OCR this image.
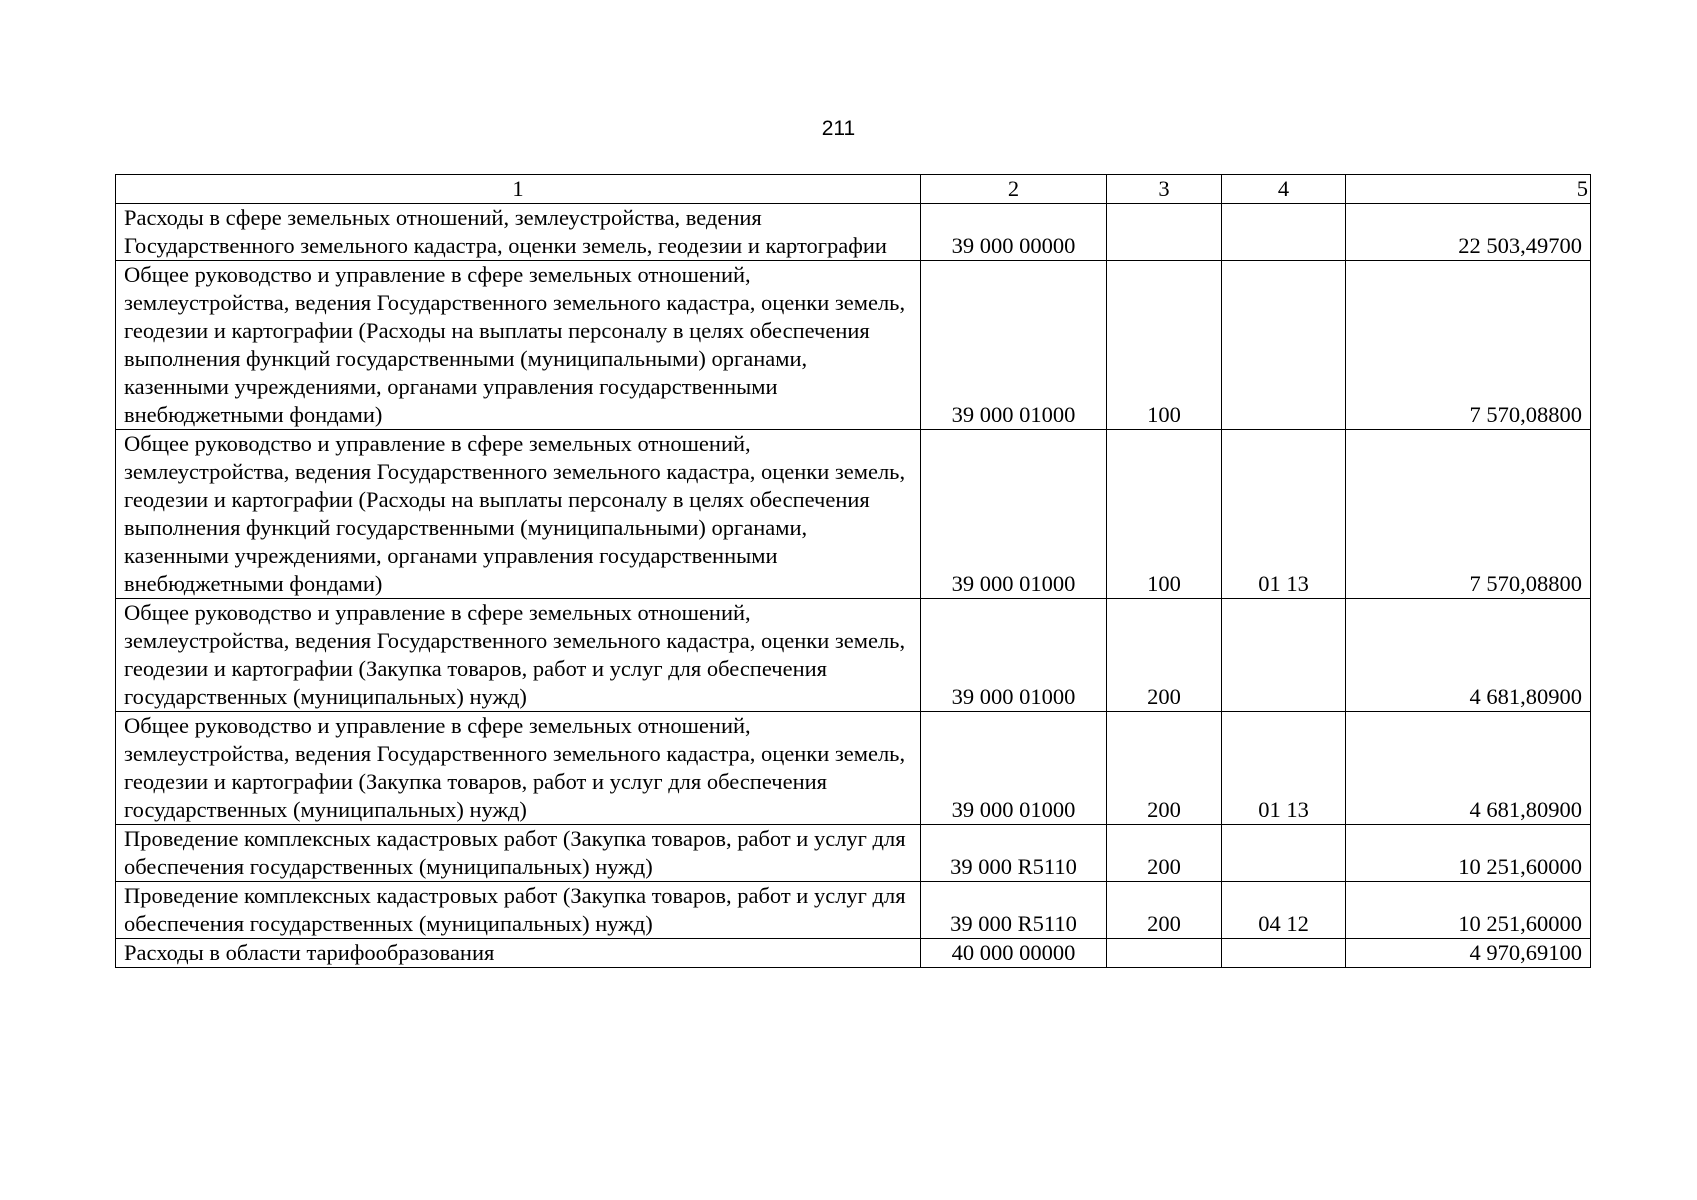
211
1	2	3	4	5
Расходы в сфере земельных отношений, землеустройства, ведения Государственного земельного кадастра, оценки земель, геодезии и картографии	39 000 00000			22 503,49700
Общее руководство и управление в сфере земельных отношений, землеустройства, ведения Государственного земельного кадастра, оценки земель, геодезии и картографии (Расходы на выплаты персоналу в целях обеспечения выполнения функций государственными (муниципальными) органами, казенными учреждениями, органами управления государственными внебюджетными фондами)	39 000 01000	100		7 570,08800
Общее руководство и управление в сфере земельных отношений, землеустройства, ведения Государственного земельного кадастра, оценки земель, геодезии и картографии (Расходы на выплаты персоналу в целях обеспечения выполнения функций государственными (муниципальными) органами, казенными учреждениями, органами управления государственными внебюджетными фондами)	39 000 01000	100	01 13	7 570,08800
Общее руководство и управление в сфере земельных отношений, землеустройства, ведения Государственного земельного кадастра, оценки земель, геодезии и картографии (Закупка товаров, работ и услуг для обеспечения государственных (муниципальных) нужд)	39 000 01000	200		4 681,80900
Общее руководство и управление в сфере земельных отношений, землеустройства, ведения Государственного земельного кадастра, оценки земель, геодезии и картографии (Закупка товаров, работ и услуг для обеспечения государственных (муниципальных) нужд)	39 000 01000	200	01 13	4 681,80900
Проведение комплексных кадастровых работ (Закупка товаров, работ и услуг для обеспечения государственных (муниципальных) нужд)	39 000 R5110	200		10 251,60000
Проведение комплексных кадастровых работ (Закупка товаров, работ и услуг для обеспечения государственных (муниципальных) нужд)	39 000 R5110	200	04 12	10 251,60000
Расходы в области тарифообразования	40 000 00000			4 970,69100
